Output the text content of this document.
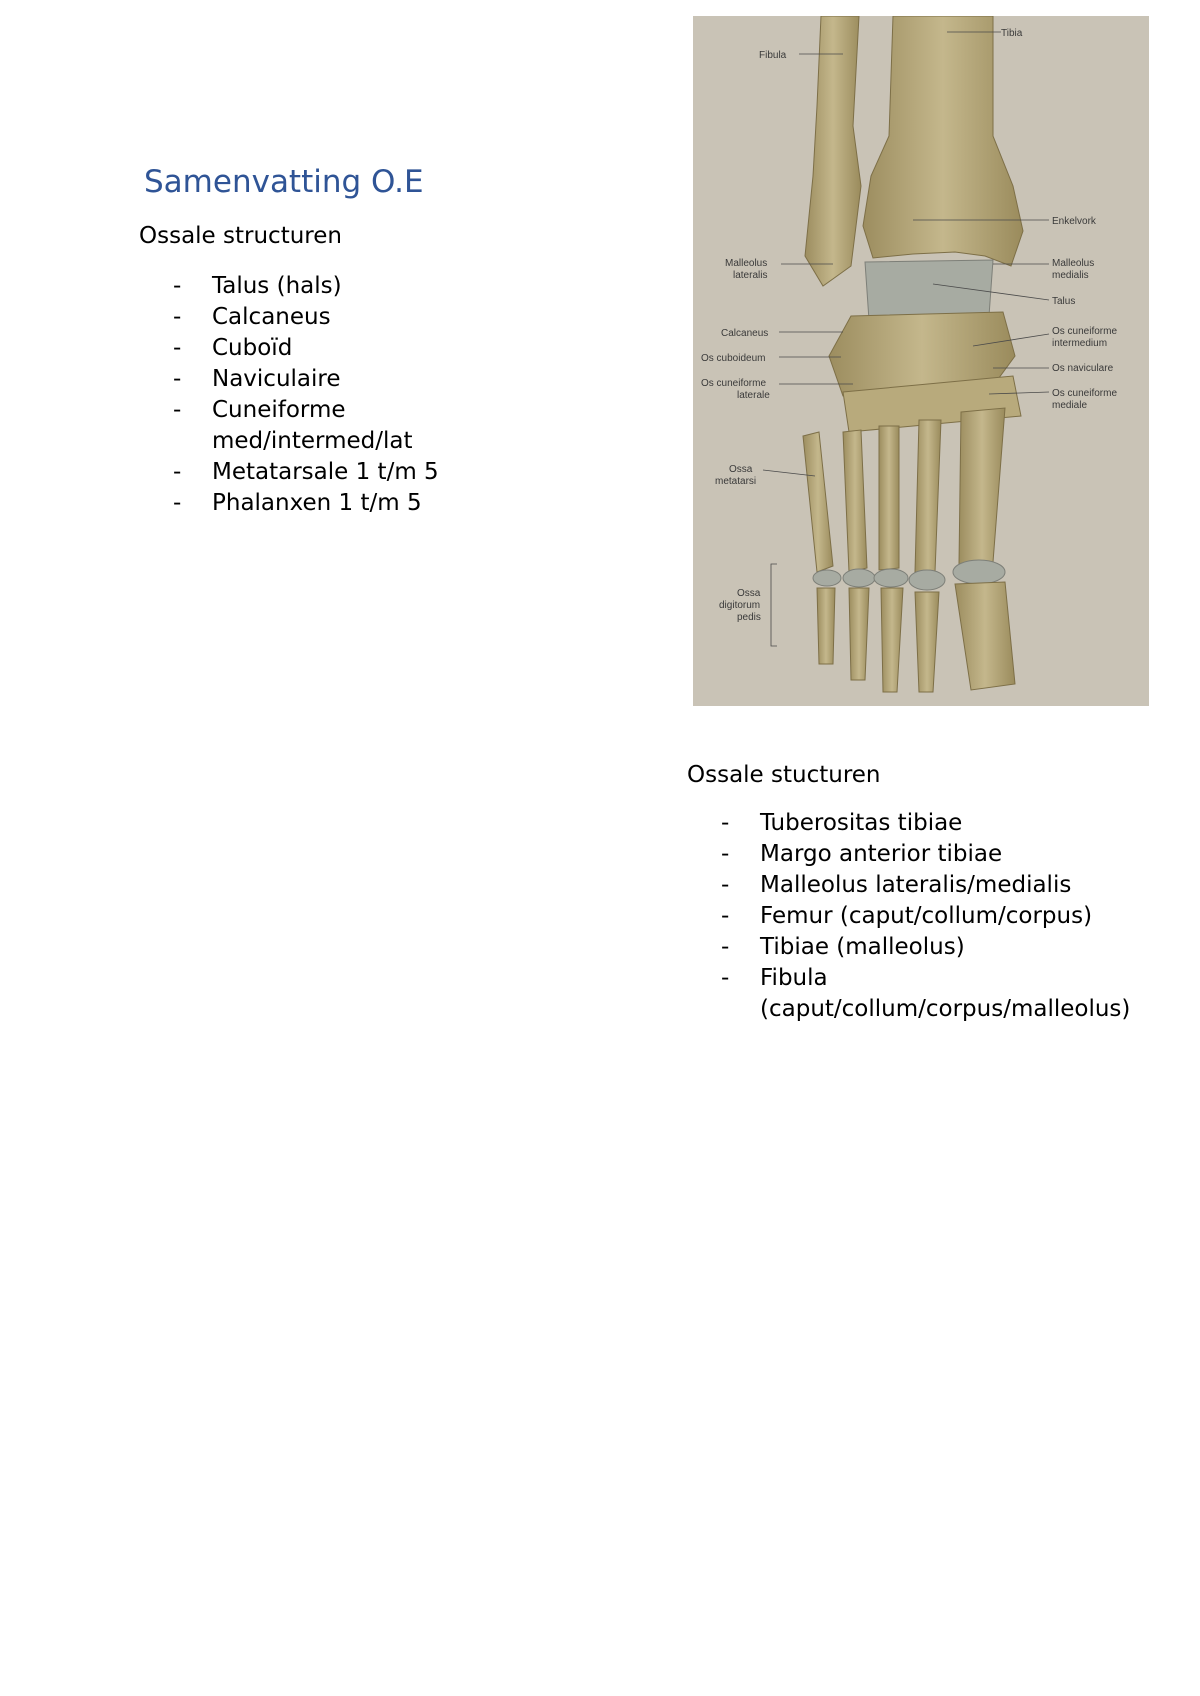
Samenvatting O.E
Ossale structuren
-	Talus (hals)
-	Calcaneus
-	Cuboïd
-	Naviculaire
-	Cuneiforme med/intermed/lat
-	Metatarsale 1 t/m 5
-	Phalanxen 1 t/m 5
Tibia
Fibula
Enkelvork
Malleolus
lateralis
Malleolus
medialis
Talus
Calcaneus
Os cuboideum
Os cuneiforme
laterale
Os cuneiforme
intermedium
Os naviculare
Os cuneiforme
mediale
Ossa
metatarsi
Ossa
digitorum
pedis
Ossale stucturen
-	Tuberositas tibiae
-	Margo anterior tibiae
-	Malleolus lateralis/medialis
-	Femur (caput/collum/corpus)
-	Tibiae (malleolus)
-	Fibula (caput/collum/corpus/malleolus)
